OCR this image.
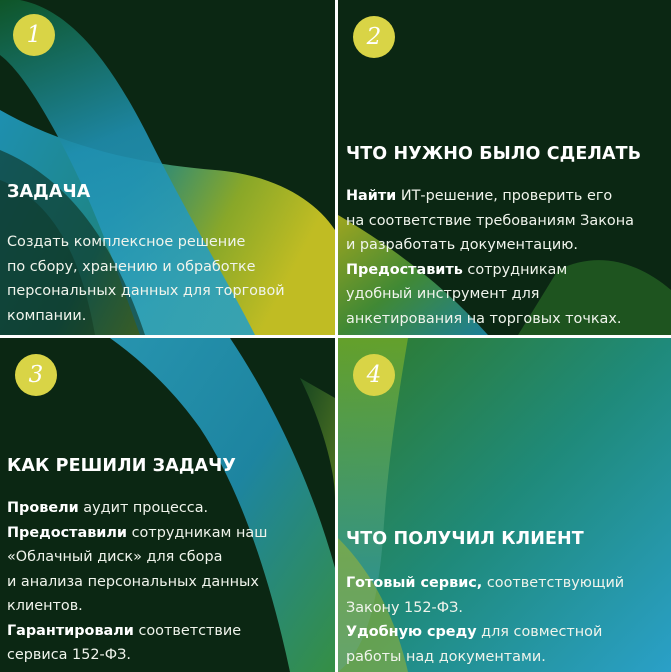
1
ЗАДАЧА
Создать комплексное решение
по сбору, хранению и обработке
персональных данных для торговой
компании.
2
ЧТО НУЖНО БЫЛО СДЕЛАТЬ
Найти ИТ-решение, проверить его
на соответствие требованиям Закона
и разработать документацию.
Предоставить сотрудникам
удобный инструмент для
анкетирования на торговых точках.
3
КАК РЕШИЛИ ЗАДАЧУ
Провели аудит процесса.
Предоставили сотрудникам наш
«Облачный диск» для сбора
и анализа персональных данных
клиентов.
Гарантировали соответствие
сервиса 152-ФЗ.
4
ЧТО ПОЛУЧИЛ КЛИЕНТ
Готовый сервис, соответствующий
Закону 152-ФЗ.
Удобную среду для совместной
работы над документами.
